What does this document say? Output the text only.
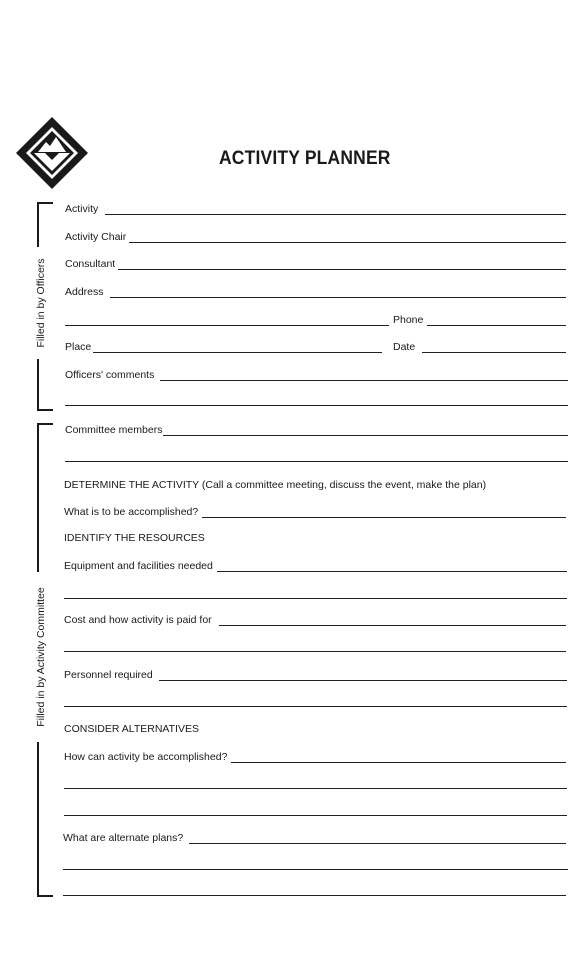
ACTIVITY PLANNER
Filled in by Officers
Filled in by Activity Committee
Activity
Activity Chair
Consultant
Address
Phone
Place	Date
Officers' comments
Committee members
DETERMINE THE ACTIVITY (Call a committee meeting, discuss the event, make the plan)
What is to be accomplished?
IDENTIFY THE RESOURCES
Equipment and facilities needed
Cost and how activity is paid for
Personnel required
CONSIDER ALTERNATIVES
How can activity be accomplished?
What are alternate plans?
